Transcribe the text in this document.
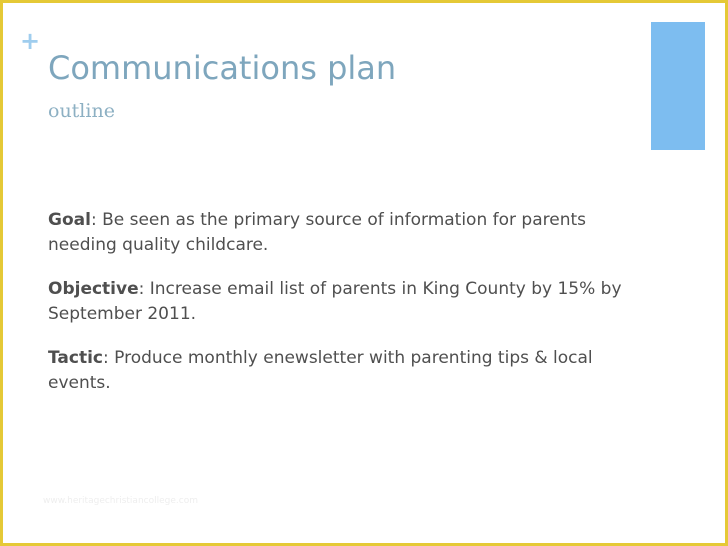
+
Communications plan
outline

Goal: Be seen as the primary source of information for parents needing quality childcare.

Objective: Increase email list of parents in King County by 15% by September 2011.

Tactic: Produce monthly enewsletter with parenting tips & local events.

www.heritagechristiancollege.com
